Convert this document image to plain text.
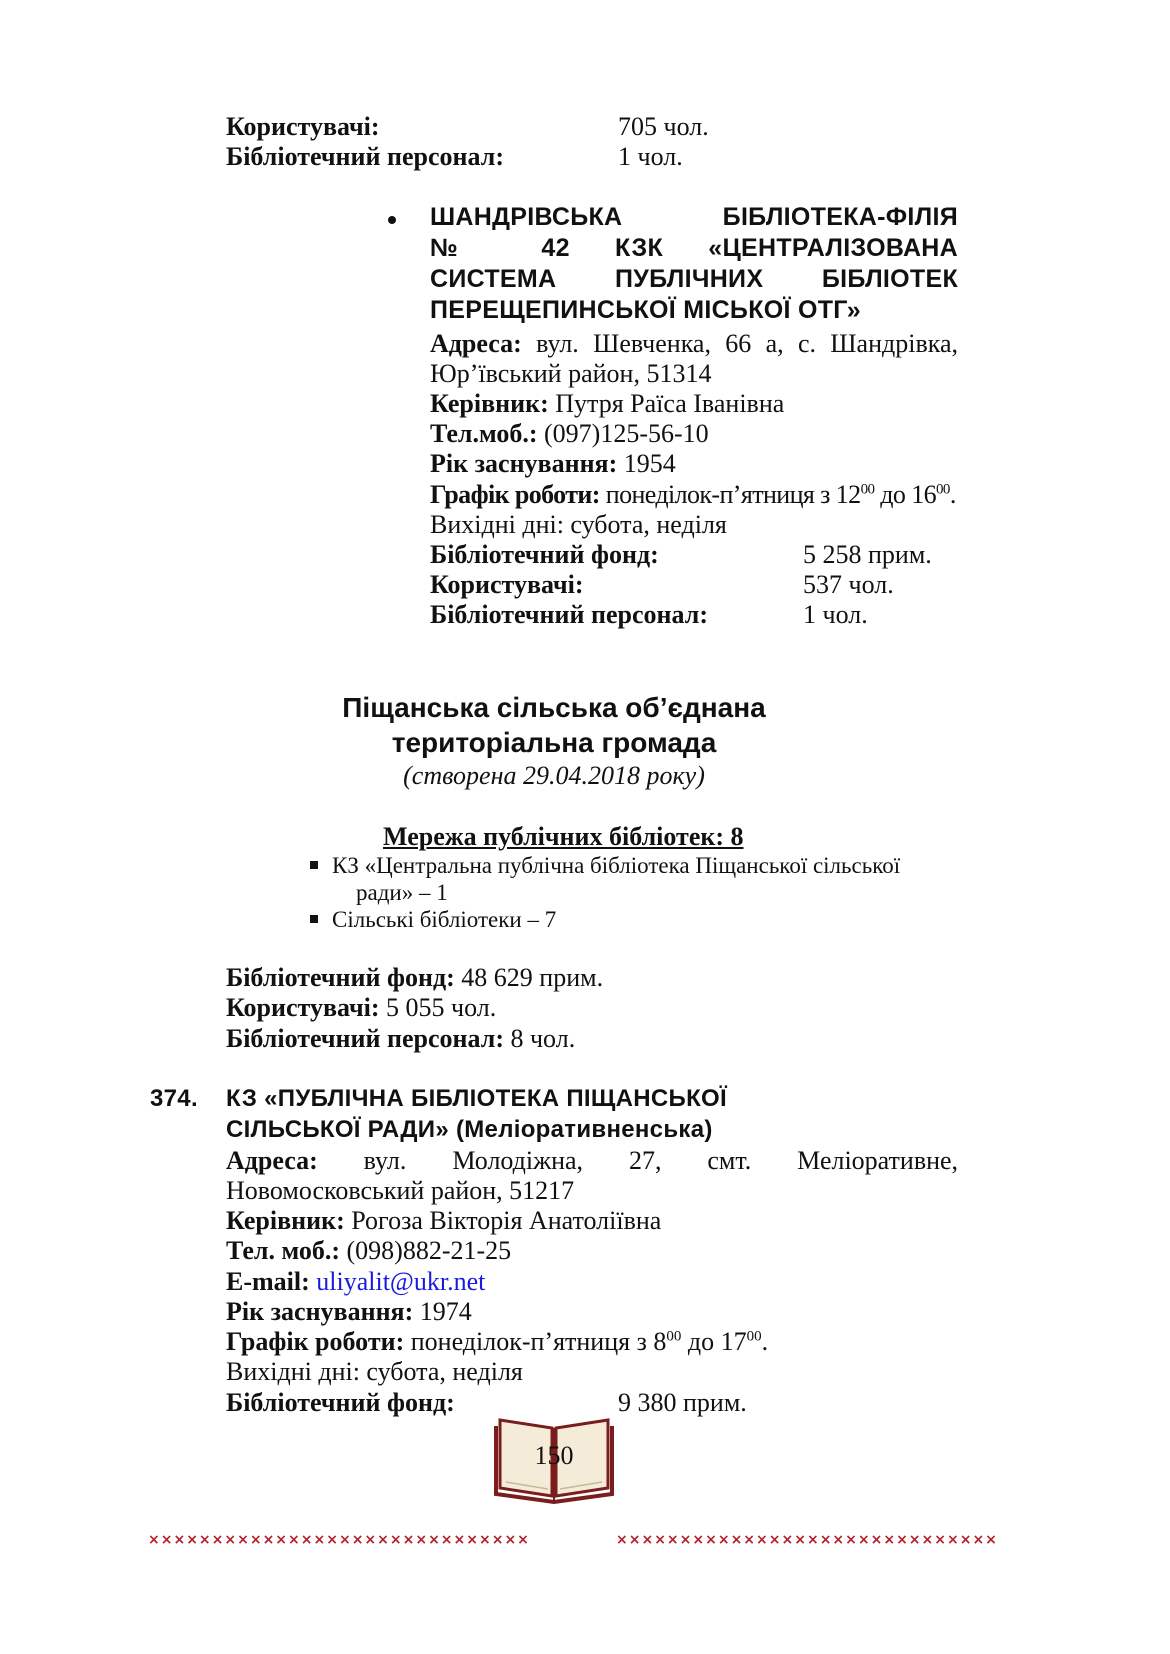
Користувачі:	705 чол.
Бібліотечний персонал:	1 чол.
ШАНДРІВСЬКА	БІБЛІОТЕКА-ФІЛІЯ
№ 42 КЗК «ЦЕНТРАЛІЗОВАНА
СИСТЕМА ПУБЛІЧНИХ БІБЛІОТЕК
ПЕРЕЩЕПИНСЬКОЇ МІСЬКОЇ ОТГ»
Адреса: вул. Шевченка, 66 а, с. Шандрівка,
Юр’ївський район, 51314
Керівник: Путря Раїса Іванівна
Тел.моб.: (097)125-56-10
Рік заснування: 1954
Графік роботи: понеділок-п’ятниця з $12^{00}$ до $16^{00}$.
Вихідні дні: субота, неділя
Бібліотечний фонд:	5 258 прим.
Користувачі:	537 чол.
Бібліотечний персонал:	1 чол.
Піщанська сільська об’єднана
територіальна громада
(створена 29.04.2018 року)
Мережа публічних бібліотек: 8
КЗ «Центральна публічна бібліотека Піщанської сільської
ради» – 1
Сільські бібліотеки – 7
Бібліотечний фонд: 48 629 прим.
Користувачі: 5 055 чол.
Бібліотечний персонал: 8 чол.
374. КЗ «ПУБЛІЧНА БІБЛІОТЕКА ПІЩАНСЬКОЇ
СІЛЬСЬКОЇ РАДИ» (Меліоративненська)
Адреса: вул. Молодіжна, 27, смт. Меліоративне,
Новомосковський район, 51217
Керівник: Рогоза Вікторія Анатоліївна
Тел. моб.: (098)882-21-25
E-mail: uliyalit@ukr.net
Рік заснування: 1974
Графік роботи: понеділок-п’ятниця з $8^{00}$ до $17^{00}$.
Вихідні дні: субота, неділя
Бібліотечний фонд:	9 380 прим.
××××××××××××××××××××××××××××××	××××××××××××××××××××××××××××××
150
